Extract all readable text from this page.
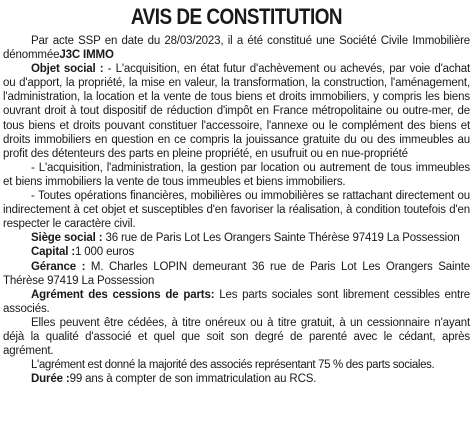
AVIS DE CONSTITUTION

Par acte SSP en date du 28/03/2023, il a été constitué une Société Civile Immobilière dénomméeJ3C IMMO

Objet social : - L'acquisition, en état futur d'achèvement ou achevés, par voie d'achat ou d'apport, la propriété, la mise en valeur, la transformation, la construction, l'aménagement, l'administration, la location et la vente de tous biens et droits immobiliers, y compris les biens ouvrant droit à tout dispositif de réduction d'impôt en France métropolitaine ou outre-mer, de tous biens et droits pouvant constituer l'accessoire, l'annexe ou le complément des biens et droits immobiliers en question en ce compris la jouissance gratuite du ou des immeubles au profit des détenteurs des parts en pleine propriété, en usufruit ou en nue-propriété

- L'acquisition, l'administration, la gestion par location ou autrement de tous immeubles et biens immobiliers la vente de tous immeubles et biens immobiliers.

- Toutes opérations financières, mobilières ou immobilières se rattachant directement ou indirectement à cet objet et susceptibles d'en favoriser la réalisation, à condition toutefois d'en respecter le caractère civil.

Siège social : 36 rue de Paris Lot Les Orangers Sainte Thérèse 97419 La Possession

Capital :1 000 euros

Gérance : M. Charles LOPIN demeurant 36 rue de Paris Lot Les Orangers Sainte Thérèse 97419 La Possession

Agrément des cessions de parts: Les parts sociales sont librement cessibles entre associés.

Elles peuvent être cédées, à titre onéreux ou à titre gratuit, à un cessionnaire n'ayant déjà la qualité d'associé et quel que soit son degré de parenté avec le cédant, après agrément.

L'agrément est donné la majorité des associés représentant 75 % des parts sociales.

Durée :99 ans à compter de son immatriculation au RCS.
